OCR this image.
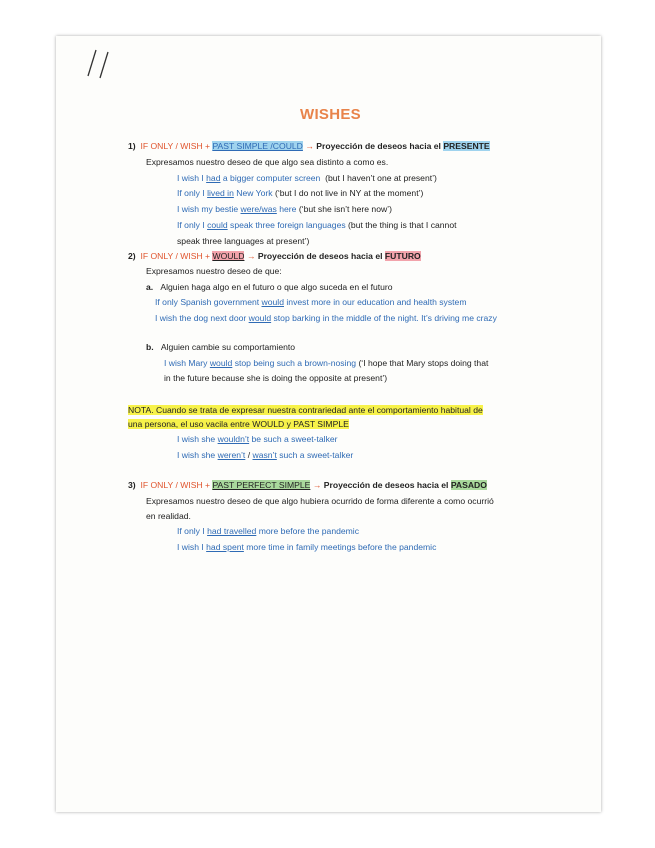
WISHES
1) IF ONLY / WISH + PAST SIMPLE /COULD → Proyección de deseos hacia el PRESENTE
Expresamos nuestro deseo de que algo sea distinto a como es.
I wish I had a bigger computer screen (but I haven’t one at present’)
If only I lived in New York (‘but I do not live in NY at the moment’)
I wish my bestie were/was here (‘but she isn’t here now’)
If only I could speak three foreign languages (but the thing is that I cannot
speak three languages at present’)
2) IF ONLY / WISH + WOULD → Proyección de deseos hacia el FUTURO
Expresamos nuestro deseo de que:
a. Alguien haga algo en el futuro o que algo suceda en el futuro
If only Spanish government would invest more in our education and health system
I wish the dog next door would stop barking in the middle of the night. It’s driving me crazy
b. Alguien cambie su comportamiento
I wish Mary would stop being such a brown-nosing (‘I hope that Mary stops doing that
in the future because she is doing the opposite at present’)
NOTA. Cuando se trata de expresar nuestra contrariedad ante el comportamiento habitual de
una persona, el uso vacila entre WOULD y PAST SIMPLE
I wish she wouldn’t be such a sweet-talker
I wish she weren’t / wasn’t such a sweet-talker
3) IF ONLY / WISH + PAST PERFECT SIMPLE → Proyección de deseos hacia el PASADO
Expresamos nuestro deseo de que algo hubiera ocurrido de forma diferente a como ocurrió
en realidad.
If only I had travelled more before the pandemic
I wish I had spent more time in family meetings before the pandemic
